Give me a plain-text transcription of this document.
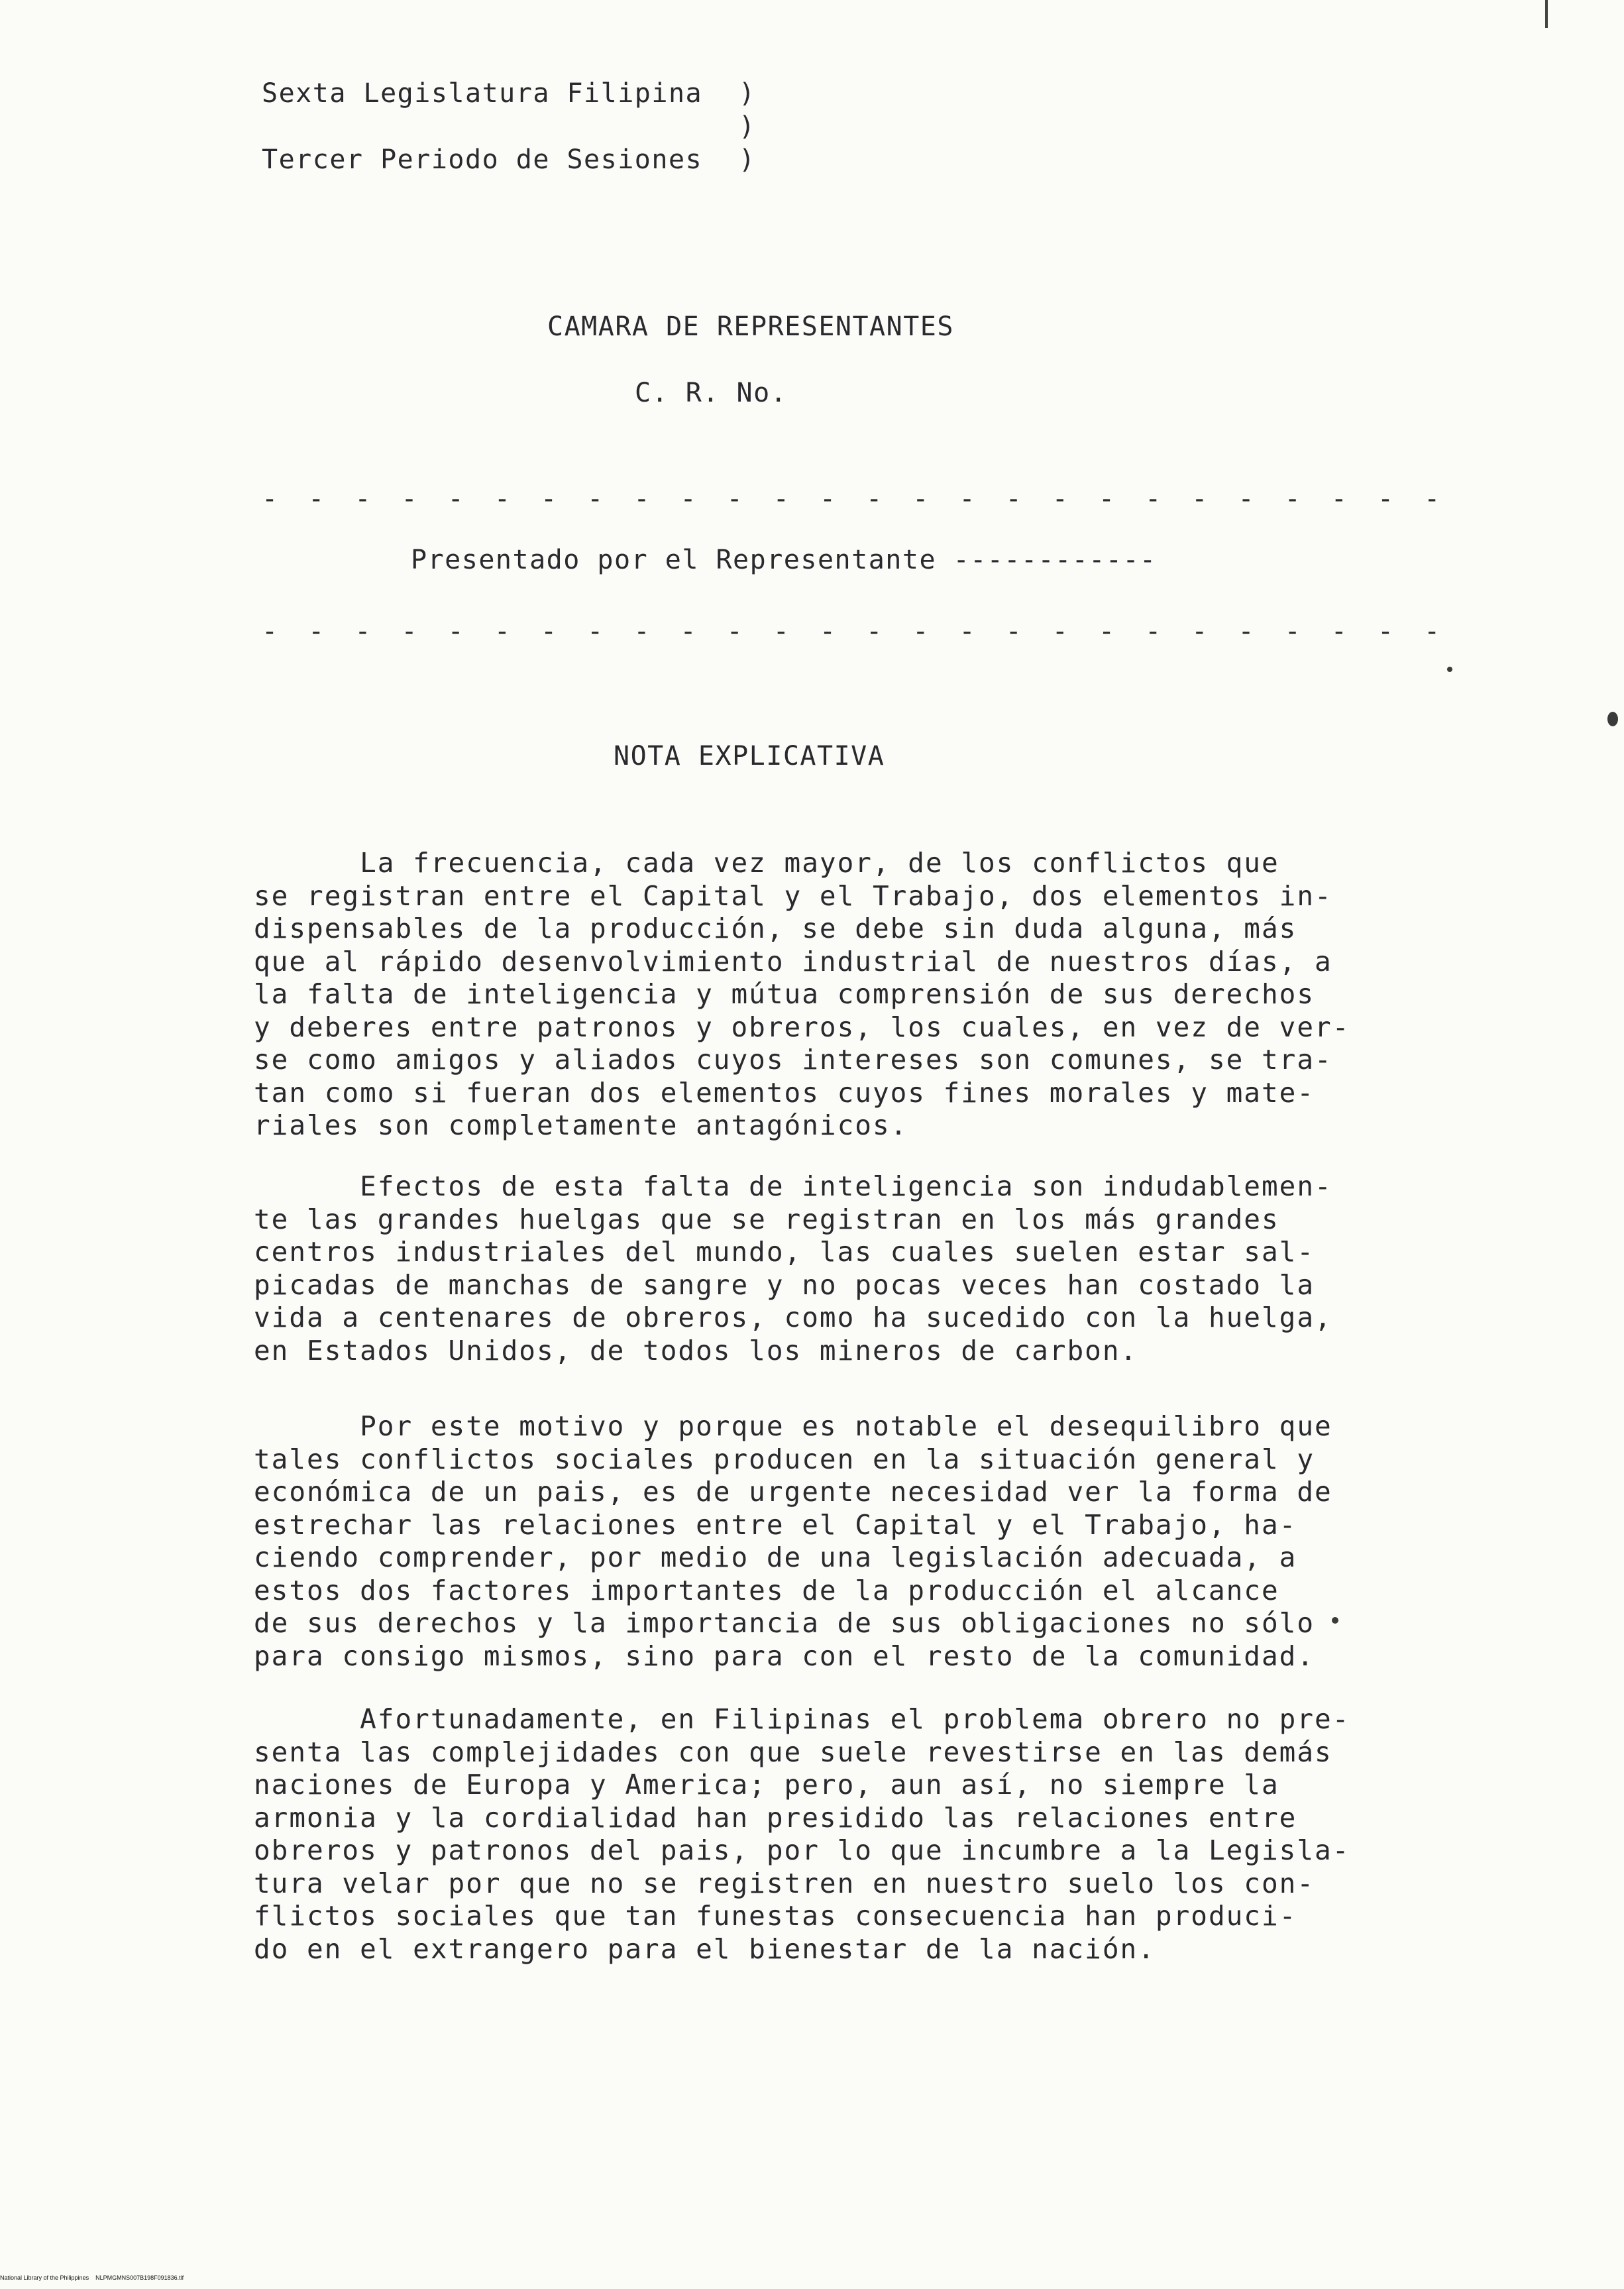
Sexta Legislatura Filipina )
)
Tercer Periodo de Sesiones )
CAMARA DE REPRESENTANTES
C. R. No.
- - - - - - - - - - - - - - - - - - - - - - - - - -
Presentado por el Representante ------------
- - - - - - - - - - - - - - - - - - - - - - - - - -
NOTA EXPLICATIVA
La frecuencia, cada vez mayor, de los conflictos que
se registran entre el Capital y el Trabajo, dos elementos in-
dispensables de la producción, se debe sin duda alguna, más
que al rápido desenvolvimiento industrial de nuestros días, a
la falta de inteligencia y mútua comprensión de sus derechos
y deberes entre patronos y obreros, los cuales, en vez de ver-
se como amigos y aliados cuyos intereses son comunes, se tra-
tan como si fueran dos elementos cuyos fines morales y mate-
riales son completamente antagónicos.
Efectos de esta falta de inteligencia son indudablemen-
te las grandes huelgas que se registran en los más grandes
centros industriales del mundo, las cuales suelen estar sal-
picadas de manchas de sangre y no pocas veces han costado la
vida a centenares de obreros, como ha sucedido con la huelga,
en Estados Unidos, de todos los mineros de carbon.
Por este motivo y porque es notable el desequilibro que
tales conflictos sociales producen en la situación general y
económica de un pais, es de urgente necesidad ver la forma de
estrechar las relaciones entre el Capital y el Trabajo, ha-
ciendo comprender, por medio de una legislación adecuada, a
estos dos factores importantes de la producción el alcance
de sus derechos y la importancia de sus obligaciones no sólo
para consigo mismos, sino para con el resto de la comunidad.
Afortunadamente, en Filipinas el problema obrero no pre-
senta las complejidades con que suele revestirse en las demás
naciones de Europa y America; pero, aun así, no siempre la
armonia y la cordialidad han presidido las relaciones entre
obreros y patronos del pais, por lo que incumbre a la Legisla-
tura velar por que no se registren en nuestro suelo los con-
flictos sociales que tan funestas consecuencia han produci-
do en el extrangero para el bienestar de la nación.
National Library of the Philippines NLPMGMNS007B198F091836.tif
